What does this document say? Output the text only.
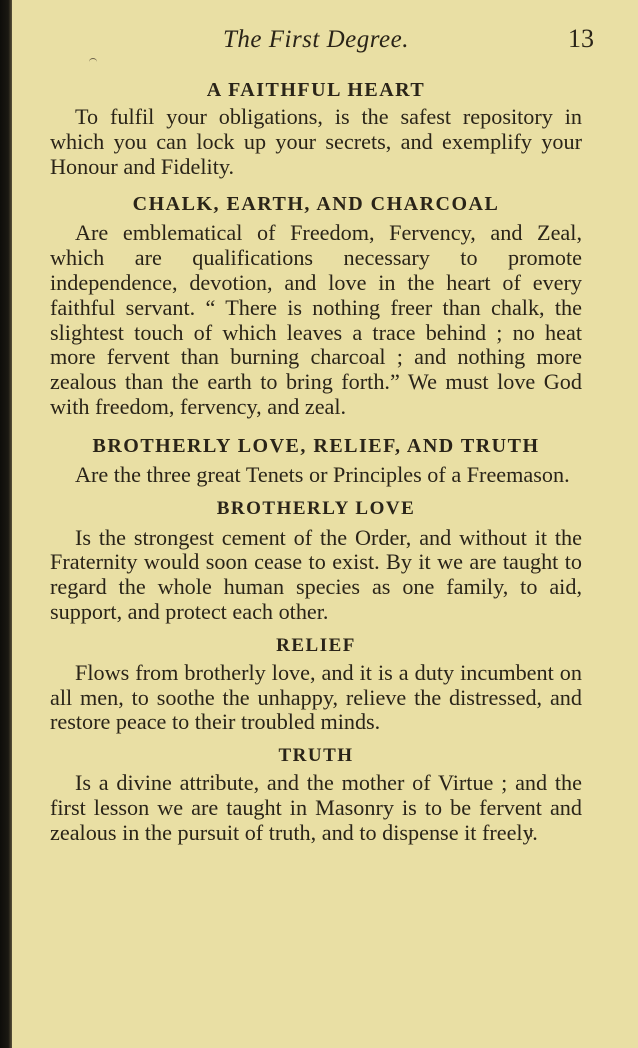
The First Degree.	13
A FAITHFUL HEART

To fulfil your obligations, is the safest repository in which you can lock up your secrets, and exemplify your Honour and Fidelity.

CHALK, EARTH, AND CHARCOAL

Are emblematical of Freedom, Fervency, and Zeal, which are qualifications necessary to promote independence, devotion, and love in the heart of every faithful servant. “ There is nothing freer than chalk, the slightest touch of which leaves a trace behind ; no heat more fervent than burning charcoal ; and nothing more zealous than the earth to bring forth.” We must love God with freedom, fervency, and zeal.

BROTHERLY LOVE, RELIEF, AND TRUTH

Are the three great Tenets or Principles of a Freemason.

BROTHERLY LOVE

Is the strongest cement of the Order, and without it the Fraternity would soon cease to exist. By it we are taught to regard the whole human species as one family, to aid, support, and protect each other.

RELIEF

Flows from brotherly love, and it is a duty incumbent on all men, to soothe the unhappy, relieve the distressed, and restore peace to their troubled minds.

TRUTH

Is a divine attribute, and the mother of Virtue ; and the first lesson we are taught in Masonry is to be fervent and zealous in the pursuit of truth, and to dispense it freely.
